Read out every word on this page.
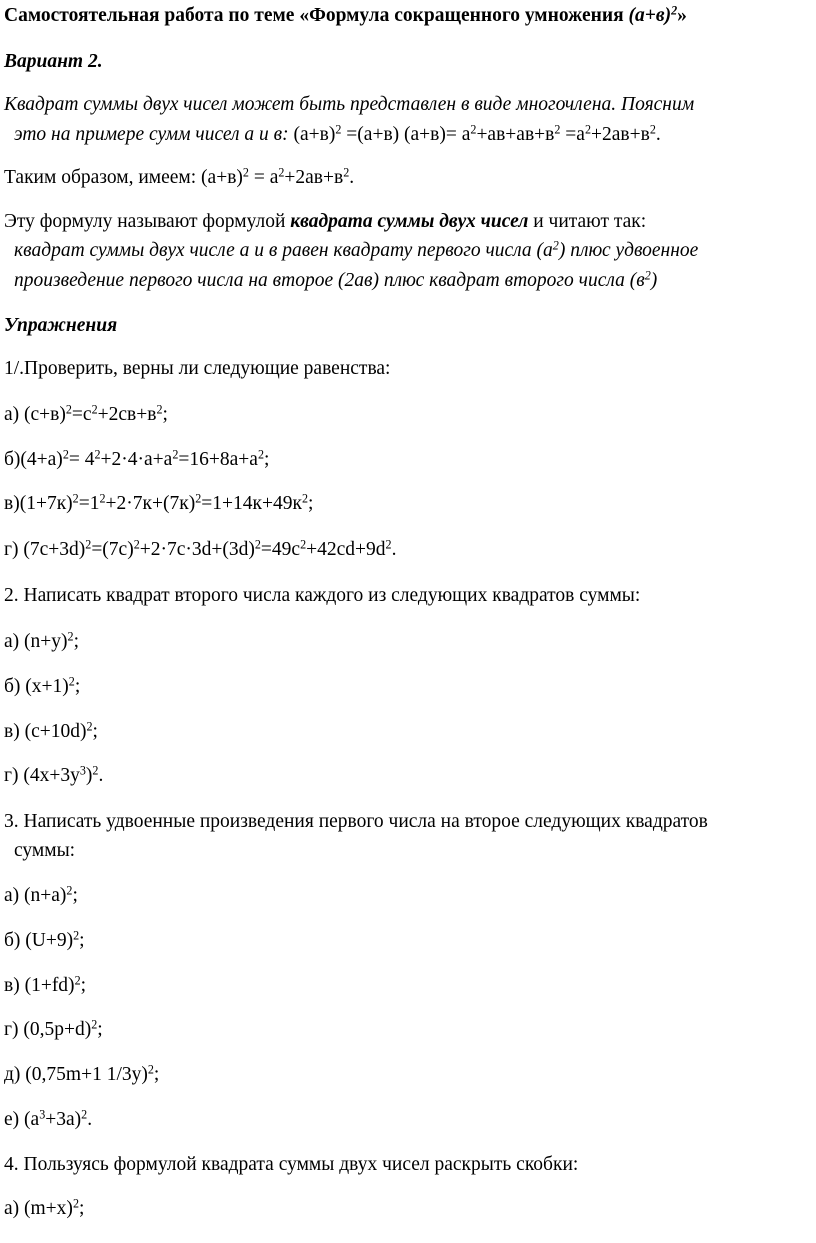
Самостоятельная работа по теме «Формула сокращенного умножения $(а+в)^2$»

Вариант 2.

Квадрат суммы двух чисел может быть представлен в виде многочлена. Поясним

это на примере сумм чисел а и в: $(а+в)^2 =(а+в)$ $(а+в)= а^2+ав+ав+в^2 =а^2+2ав+в^2$.

Таким образом, имеем: $(а+в)^2 = а^2+2ав+в^2$.

Эту формулу называют формулой квадрата суммы двух чисел и читают так:

квадрат суммы двух числе а и в равен квадрату первого числа $(а^2)$ плюс удвоенное

произведение первого числа на второе (2ав) плюс квадрат второго числа $(в^2)$

Упражнения

1/.Проверить, верны ли следующие равенства:

а) $(с+в)^2=с^2+2св+в^2$;

$б)(4+а)^2= 4^2+2\cdot 4\cdot а+а^2=16+8а+а^2$;

$в)(1+7к)^2=1^2+2\cdot 7к+(7к)^2=1+14к+49к^2$;

г) $(7с+3d)^2=(7с)^2+2\cdot 7с\cdot 3d+(3d)^2=49с^2+42сd+9d^2$.

2. Написать квадрат второго числа каждого из следующих квадратов суммы:

а) $(n+y)^2$;

б) $(x+1)^2$;

в) $(c+10d)^2$;

г) $(4x+3y^3)^2$.

3. Написать удвоенные произведения первого числа на второе следующих квадратов

суммы:

а) $(n+a)^2$;

б) $(U+9)^2$;

в) $(1+fd)^2$;

г) $(0,5p+d)^2$;

д) (0,75m+1 1/3y)$^2$;

е) $(a^3+3a)^2$.

4. Пользуясь формулой квадрата суммы двух чисел раскрыть скобки:

а) $(m+x)^2$;
